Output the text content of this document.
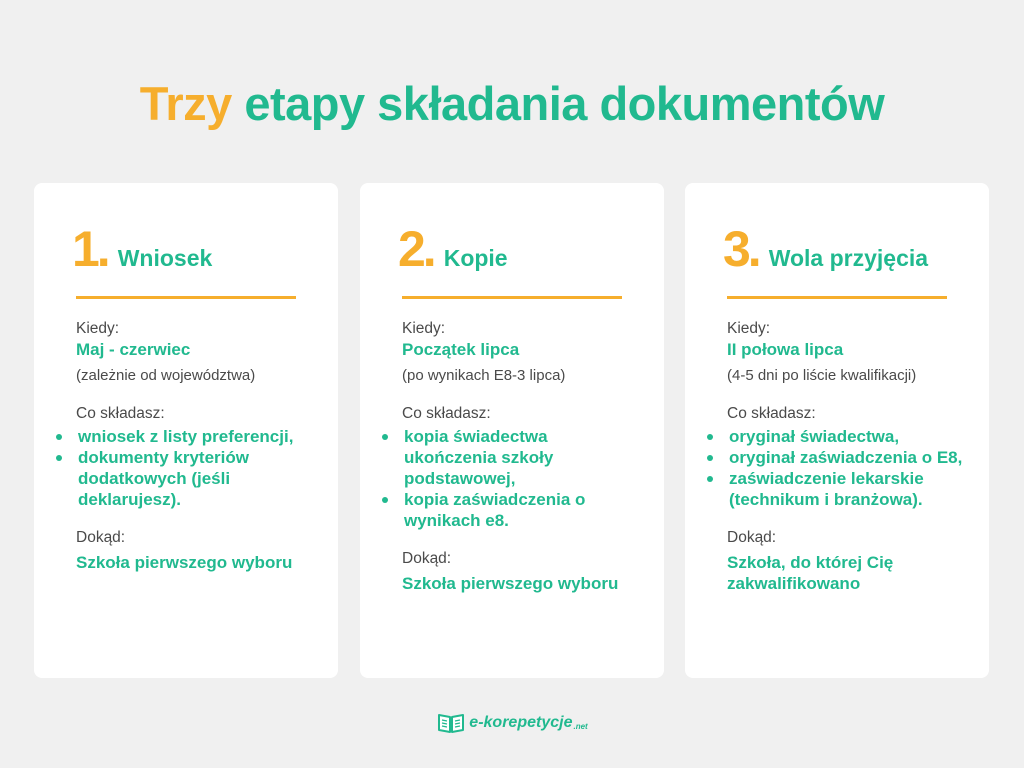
Trzy etapy składania dokumentów
1. Wniosek
Kiedy:
Maj - czerwiec
(zależnie od województwa)
Co składasz:
wniosek z listy preferencji,
dokumenty kryteriów dodatkowych (jeśli deklarujesz).
Dokąd:
Szkoła pierwszego wyboru
2. Kopie
Kiedy:
Początek lipca
(po wynikach E8-3 lipca)
Co składasz:
kopia świadectwa ukończenia szkoły podstawowej,
kopia zaświadczenia o wynikach e8.
Dokąd:
Szkoła pierwszego wyboru
3. Wola przyjęcia
Kiedy:
II połowa lipca
(4-5 dni po liście kwalifikacji)
Co składasz:
oryginał świadectwa,
oryginał zaświadczenia o E8,
zaświadczenie lekarskie (technikum i branżowa).
Dokąd:
Szkoła, do której Cię zakwalifikowano
e-korepetycje .net
